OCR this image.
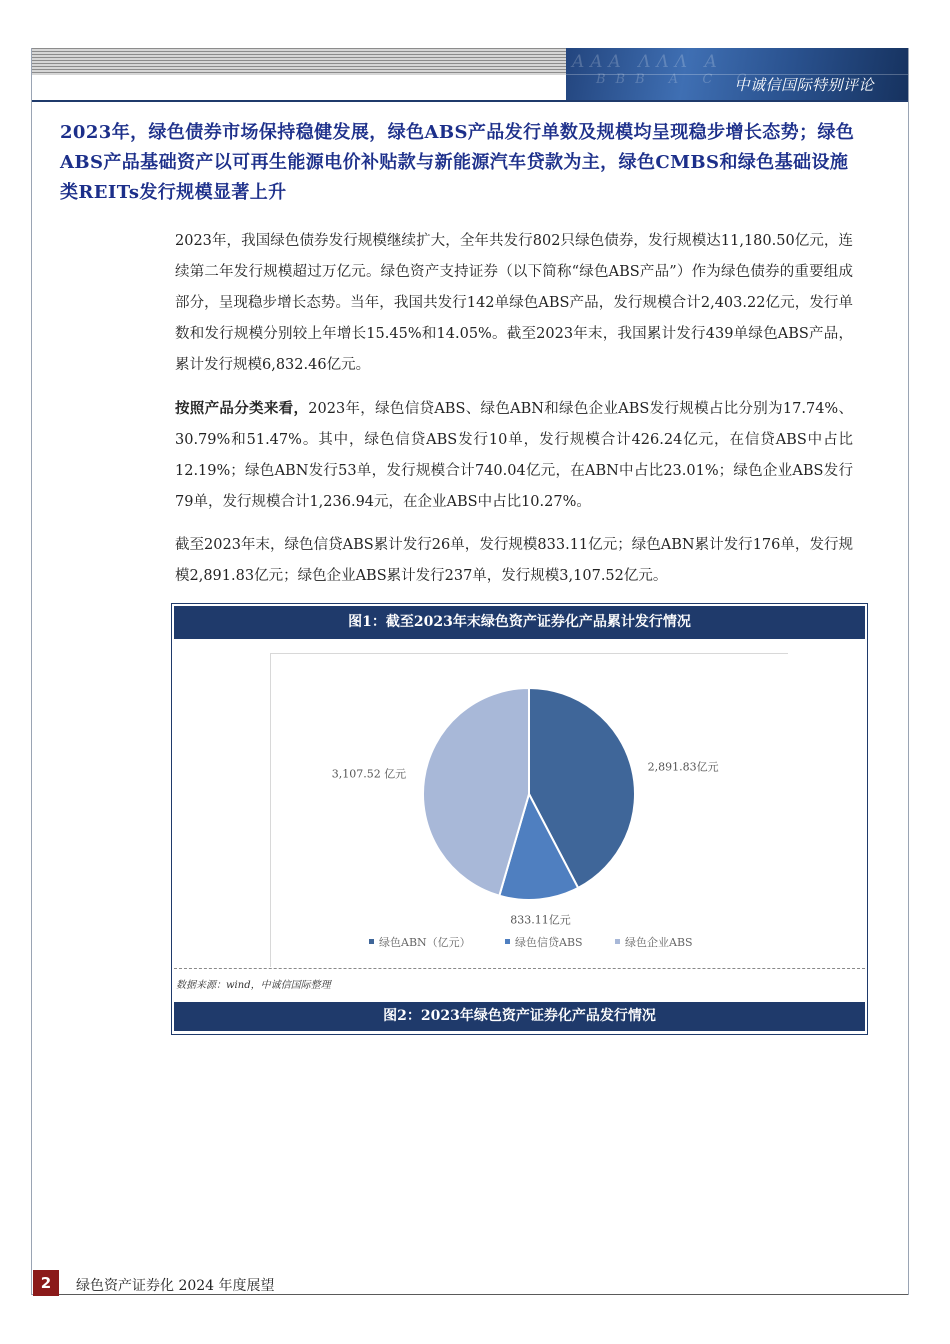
AAA ΛΛΛ A
BBB A C C
中诚信国际特别评论
2023年，绿色债券市场保持稳健发展，绿色ABS产品发行单数及规模均呈现稳步增长态势；绿色ABS产品基础资产以可再生能源电价补贴款与新能源汽车贷款为主，绿色CMBS和绿色基础设施类REITs发行规模显著上升
2023年，我国绿色债券发行规模继续扩大，全年共发行802只绿色债券，发行规模达11,180.50亿元，连续第二年发行规模超过万亿元。绿色资产支持证券（以下简称“绿色ABS产品”）作为绿色债券的重要组成部分，呈现稳步增长态势。当年，我国共发行142单绿色ABS产品，发行规模合计2,403.22亿元，发行单数和发行规模分别较上年增长15.45%和14.05%。截至2023年末，我国累计发行439单绿色ABS产品，累计发行规模6,832.46亿元。
按照产品分类来看，2023年，绿色信贷ABS、绿色ABN和绿色企业ABS发行规模占比分别为17.74%、30.79%和51.47%。其中，绿色信贷ABS发行10单，发行规模合计426.24亿元，在信贷ABS中占比12.19%；绿色ABN发行53单，发行规模合计740.04亿元，在ABN中占比23.01%；绿色企业ABS发行79单，发行规模合计1,236.94元，在企业ABS中占比10.27%。
截至2023年末，绿色信贷ABS累计发行26单，发行规模833.11亿元；绿色ABN累计发行176单，发行规模2,891.83亿元；绿色企业ABS累计发行237单，发行规模3,107.52亿元。
图1：截至2023年末绿色资产证券化产品累计发行情况
2,891.83亿元
833.11亿元
3,107.52 亿元
绿色ABN（亿元）	绿色信贷ABS	绿色企业ABS
数据来源：wind，中诚信国际整理
图2：2023年绿色资产证券化产品发行情况
2	绿色资产证券化 2024 年度展望
